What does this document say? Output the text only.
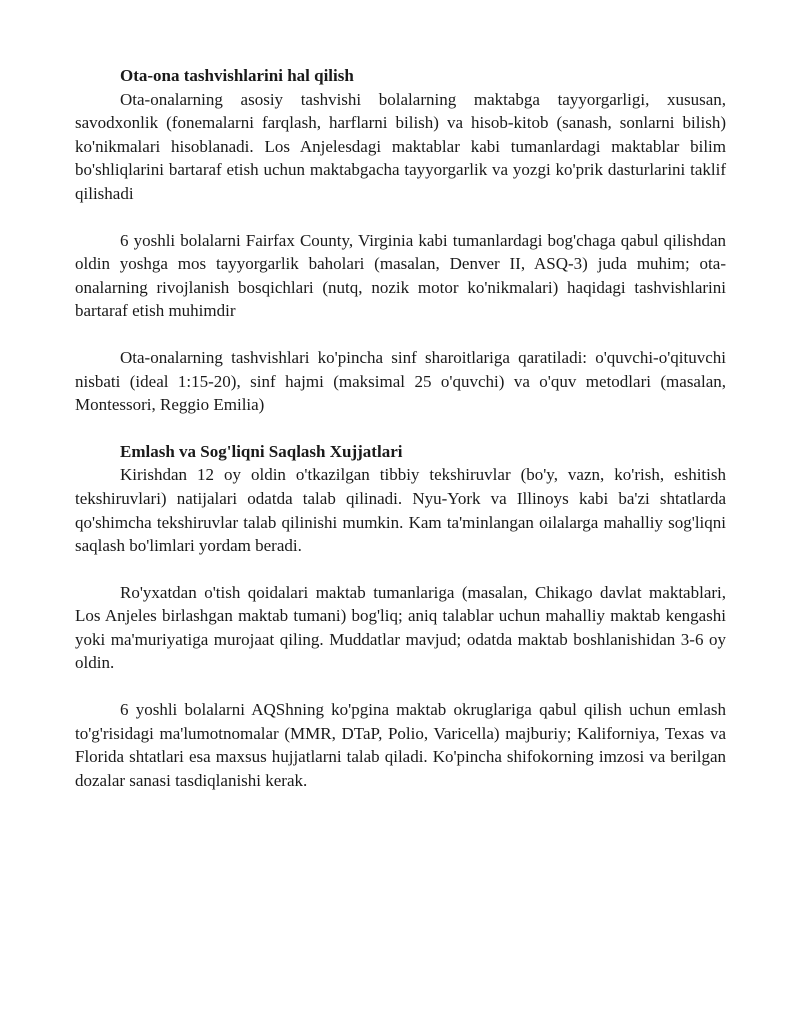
Ota-ona tashvishlarini hal qilish

Ota-onalarning asosiy tashvishi bolalarning maktabga tayyorgarligi, xususan, savodxonlik (fonemalarni farqlash, harflarni bilish) va hisob-kitob (sanash, sonlarni bilish) ko'nikmalari hisoblanadi. Los Anjelesdagi maktablar kabi tumanlardagi maktablar bilim bo'shliqlarini bartaraf etish uchun maktabgacha tayyorgarlik va yozgi ko'prik dasturlarini taklif qilishadi

6 yoshli bolalarni Fairfax County, Virginia kabi tumanlardagi bog'chaga qabul qilishdan oldin yoshga mos tayyorgarlik baholari (masalan, Denver II, ASQ-3) juda muhim; ota-onalarning rivojlanish bosqichlari (nutq, nozik motor ko'nikmalari) haqidagi tashvishlarini bartaraf etish muhimdir

Ota-onalarning tashvishlari ko'pincha sinf sharoitlariga qaratiladi: o'quvchi-o'qituvchi nisbati (ideal 1:15-20), sinf hajmi (maksimal 25 o'quvchi) va o'quv metodlari (masalan, Montessori, Reggio Emilia)

Emlash va Sog'liqni Saqlash Xujjatlari

Kirishdan 12 oy oldin o'tkazilgan tibbiy tekshiruvlar (bo'y, vazn, ko'rish, eshitish tekshiruvlari) natijalari odatda talab qilinadi. Nyu-York va Illinoys kabi ba'zi shtatlarda qo'shimcha tekshiruvlar talab qilinishi mumkin. Kam ta'minlangan oilalarga mahalliy sog'liqni saqlash bo'limlari yordam beradi.

Ro'yxatdan o'tish qoidalari maktab tumanlariga (masalan, Chikago davlat maktablari, Los Anjeles birlashgan maktab tumani) bog'liq; aniq talablar uchun mahalliy maktab kengashi yoki ma'muriyatiga murojaat qiling. Muddatlar mavjud; odatda maktab boshlanishidan 3-6 oy oldin.

6 yoshli bolalarni AQShning ko'pgina maktab okruglariga qabul qilish uchun emlash to'g'risidagi ma'lumotnomalar (MMR, DTaP, Polio, Varicella) majburiy; Kaliforniya, Texas va Florida shtatlari esa maxsus hujjatlarni talab qiladi. Ko'pincha shifokorning imzosi va berilgan dozalar sanasi tasdiqlanishi kerak.
